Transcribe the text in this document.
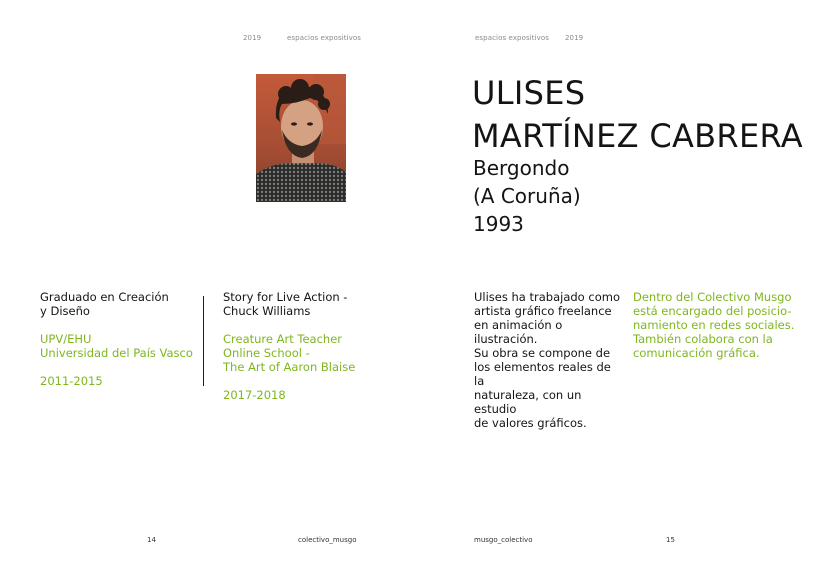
2019	espacios expositivos	espacios expositivos 2019
ULISES
MARTÍNEZ CABRERA
Bergondo
(A Coruña)
1993
Graduado en Creación
y Diseño
UPV/EHU
Universidad del País Vasco
2011-2015
Story for Live Action -
Chuck Williams
Creature Art Teacher
Online School -
The Art of Aaron Blaise
2017-2018
Ulises ha trabajado como
artista gráfico freelance
en animación o ilustración.
Su obra se compone de
los elementos reales de la
naturaleza, con un estudio
de valores gráficos.
Dentro del Colectivo Musgo
está encargado del posicio-
namiento en redes sociales.
También colabora con la
comunicación gráfica.
14	colectivo_musgo	musgo_colectivo	15
